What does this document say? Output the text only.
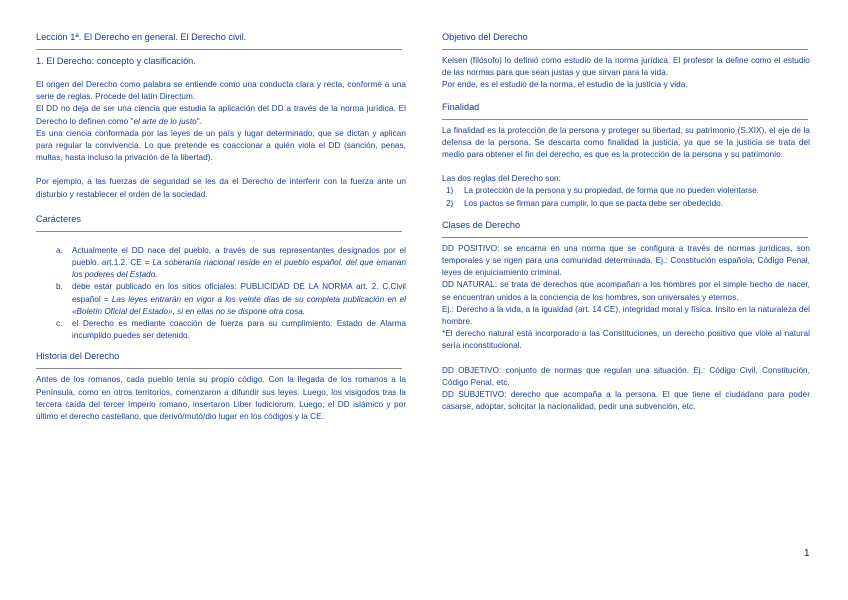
Lección 1ª. El Derecho en general. El Derecho civil.
1. El Derecho: concepto y clasificación.

El origen del Derecho como palabra se entiende como una conducta clara y recta, conforme a una serie de reglas. Procede del latín Directum.

El DD no deja de ser una ciencia que estudia la aplicación del DD a través de la norma jurídica. El Derecho lo definen como "el arte de lo justo".

Es una ciencia conformada por las leyes de un país y lugar determinado, que se dictan y aplican para regular la convivencia. Lo que pretende es coaccionar a quién viola el DD (sanción, penas, multas, hasta incluso la privación de la libertad).

Por ejemplo, a las fuerzas de seguridad se les da el Derecho de interferir con la fuerza ante un disturbio y restablecer el orden de la sociedad.

Carácteres
a. Actualmente el DD nace del pueblo, a través de sus representantes designados por el pueblo. art.1.2. CE = La soberanía nacional reside en el pueblo español, del que emanan los poderes del Estado.
b. debe estar publicado en los sitios oficiales: PUBLICIDAD DE LA NORMA art. 2. C.Civil español = Las leyes entrarán en vigor a los veinte días de su completa publicación en el «Boletín Oficial del Estado», si en ellas no se dispone otra cosa.
c. el Derecho es mediante coacción de fuerza para su cumplimiento. Estado de Alarma incumplido puedes ser detenido.
Historia del Derecho

Antes de los romanos, cada pueblo tenía su propio código. Con la llegada de los romanos a la Península, como en otros territorios, comenzaron a difundir sus leyes. Luego, los visigodos tras la tercera caída del tercer Imperio romano, insertaron Liber Iudiciorum. Luego, el DD islámico y por último el derecho castellano, que derivó/mutó/dio lugar en los códigos y la CE.

Objetivo del Derecho

Kelsen (filósofo) lo definió como estudio de la norma jurídica. El profesor la define como el estudio de las normas para que sean justas y que sirvan para la vida.

Por ende, es el estudio de la norma, el estudio de la justicia y vida.

Finalidad

La finalidad es la protección de la persona y proteger su libertad, su patrimonio (S.XIX), el eje de la defensa de la persona. Se descarta como finalidad la justicia, ya que se la justicia se trata del medio para obtener el fin del derecho, es que es la protección de la persona y su patrimonio.

Las dos reglas del Derecho son:

1) La protección de la persona y su propiedad, de forma que no pueden violentarse.
2) Los pactos se firman para cumplir, lo que se pacta debe ser obedecido.
Clases de Derecho

DD POSITIVO: se encarna en una norma que se configura a través de normas jurídicas, son temporales y se rigen para una comunidad determinada. Ej.: Constitución española; Código Penal, leyes de enjuiciamiento criminal.

DD NATURAL: se trata de derechos que acompañan a los hombres por el simple hecho de nacer, se encuentran unidos a la conciencia de los hombres, son universales y eternos.

Ej.: Derecho a la vida, a la igualdad (art. 14 CE), integridad moral y física. Insito en la naturaleza del hombre.

*El derecho natural está incorporado a las Constituciones, un derecho positivo que viole al natural sería inconstitucional.

DD OBJETIVO: conjunto de normas que regulan una situación. Ej.: Código Civil, Constitución, Código Penal, etc.

DD SUBJETIVO: derecho que acompaña a la persona. El que tiene el ciudadano para poder casarse, adoptar, solicitar la nacionalidad, pedir una subvención, etc.

1
